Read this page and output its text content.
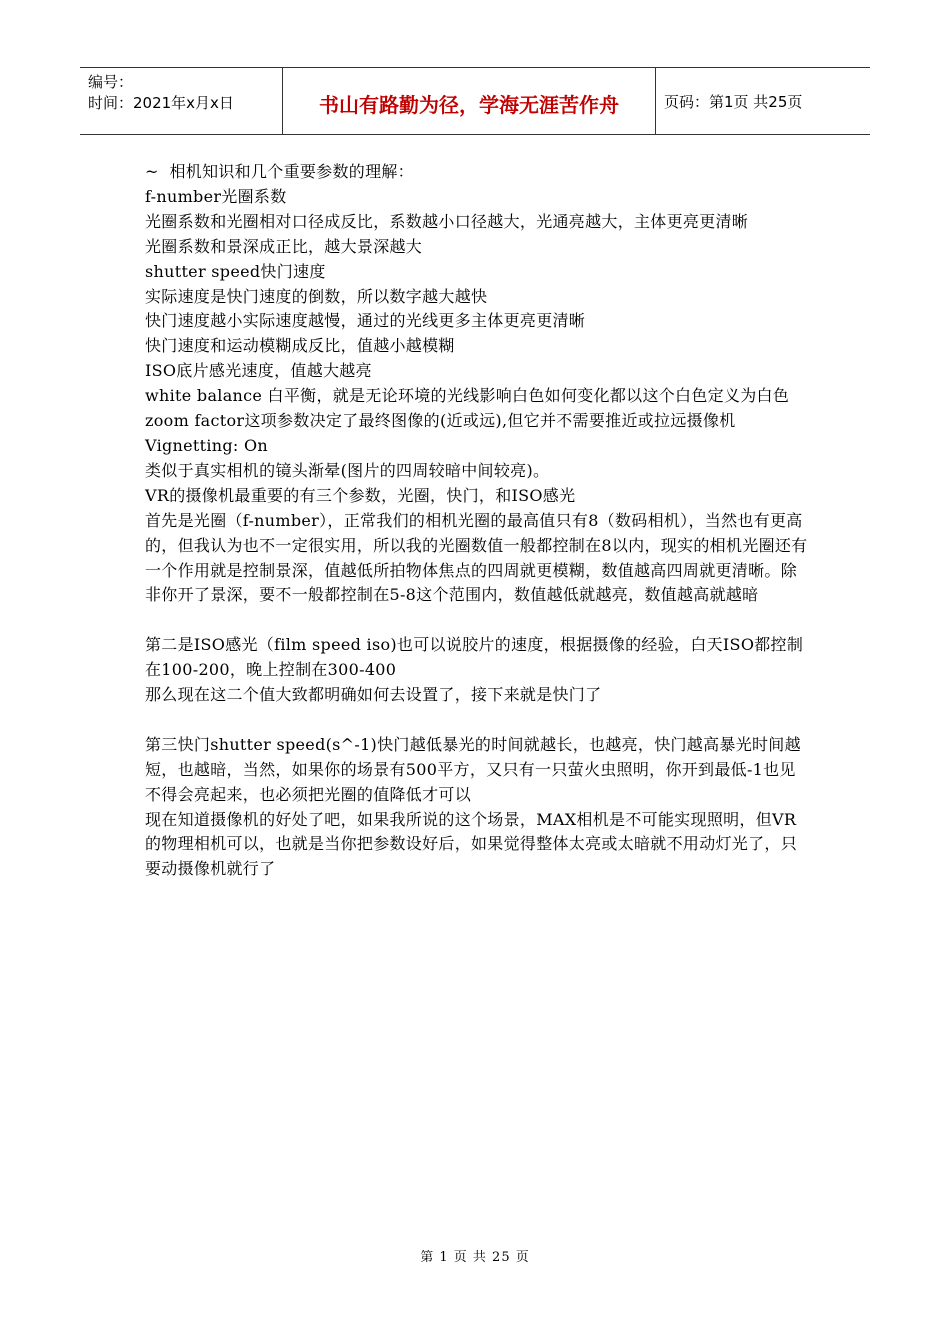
编号：
时间：2021年x月x日	书山有路勤为径，学海无涯苦作舟	页码：第1页 共25页

~  相机知识和几个重要参数的理解：

f-number光圈系数

光圈系数和光圈相对口径成反比，系数越小口径越大，光通亮越大，主体更亮更清晰

光圈系数和景深成正比，越大景深越大

shutter speed快门速度

实际速度是快门速度的倒数，所以数字越大越快

快门速度越小实际速度越慢，通过的光线更多主体更亮更清晰

快门速度和运动模糊成反比，值越小越模糊

ISO底片感光速度，值越大越亮

white balance 白平衡，就是无论环境的光线影响白色如何变化都以这个白色定义为白色

zoom factor这项参数决定了最终图像的(近或远),但它并不需要推近或拉远摄像机

Vignetting: On

类似于真实相机的镜头渐晕(图片的四周较暗中间较亮)。

VR的摄像机最重要的有三个参数，光圈，快门，和ISO感光

首先是光圈（f-number），正常我们的相机光圈的最高值只有8（数码相机），当然也有更高的，但我认为也不一定很实用，所以我的光圈数值一般都控制在8以内，现实的相机光圈还有一个作用就是控制景深，值越低所拍物体焦点的四周就更模糊，数值越高四周就更清晰。除非你开了景深，要不一般都控制在5-8这个范围内，数值越低就越亮，数值越高就越暗

第二是ISO感光（film speed iso)也可以说胶片的速度，根据摄像的经验，白天ISO都控制在100-200，晚上控制在300-400

那么现在这二个值大致都明确如何去设置了，接下来就是快门了

第三快门shutter speed(s^-1)快门越低暴光的时间就越长，也越亮，快门越高暴光时间越短，也越暗，当然，如果你的场景有500平方，又只有一只萤火虫照明，你开到最低-1也见不得会亮起来，也必须把光圈的值降低才可以

现在知道摄像机的好处了吧，如果我所说的这个场景，MAX相机是不可能实现照明，但VR的物理相机可以，也就是当你把参数设好后，如果觉得整体太亮或太暗就不用动灯光了，只要动摄像机就行了

第 1 页 共 25 页
